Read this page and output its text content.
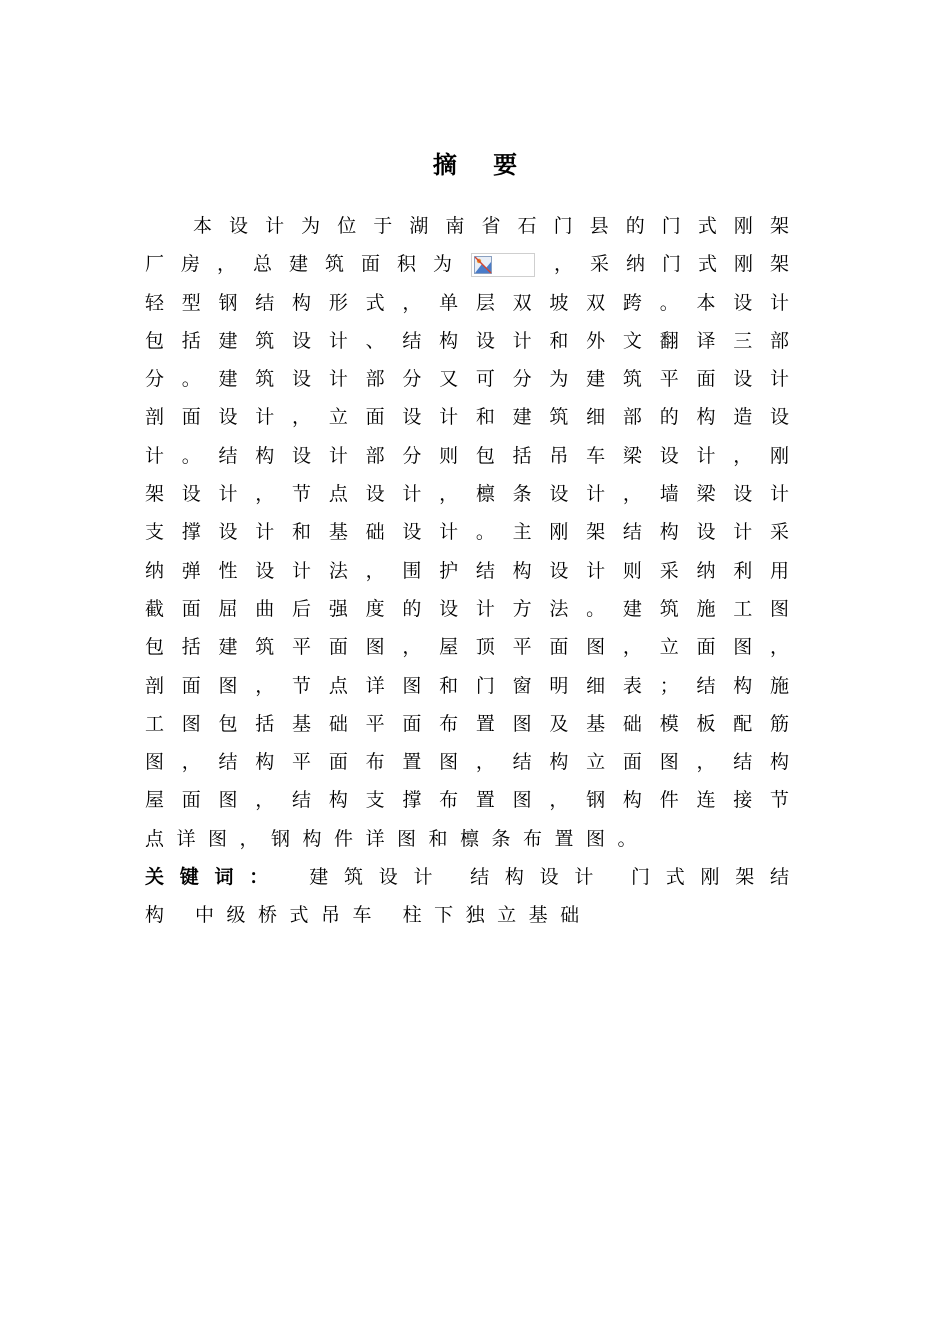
摘 要
本设计为位于湖南省石门县的门式刚架
厂房，总建筑面积为	，采纳门式刚架
轻型钢结构形式，单层双坡双跨。本设计
包括建筑设计、结构设计和外文翻译三部
分。建筑设计部分又可分为建筑平面设计
剖面设计，立面设计和建筑细部的构造设
计。结构设计部分则包括吊车梁设计，刚
架设计，节点设计，檩条设计，墙梁设计
支撑设计和基础设计。主刚架结构设计采
纳弹性设计法，围护结构设计则采纳利用
截面屈曲后强度的设计方法。建筑施工图
包括建筑平面图，屋顶平面图，立面图，
剖面图，节点详图和门窗明细表；结构施
工图包括基础平面布置图及基础模板配筋
图，结构平面布置图，结构立面图，结构
屋面图，结构支撑布置图，钢构件连接节
点详图，钢构件详图和檩条布置图。
关键词：  建筑设计 结构设计 门式刚架结
构 中级桥式吊车 柱下独立基础
